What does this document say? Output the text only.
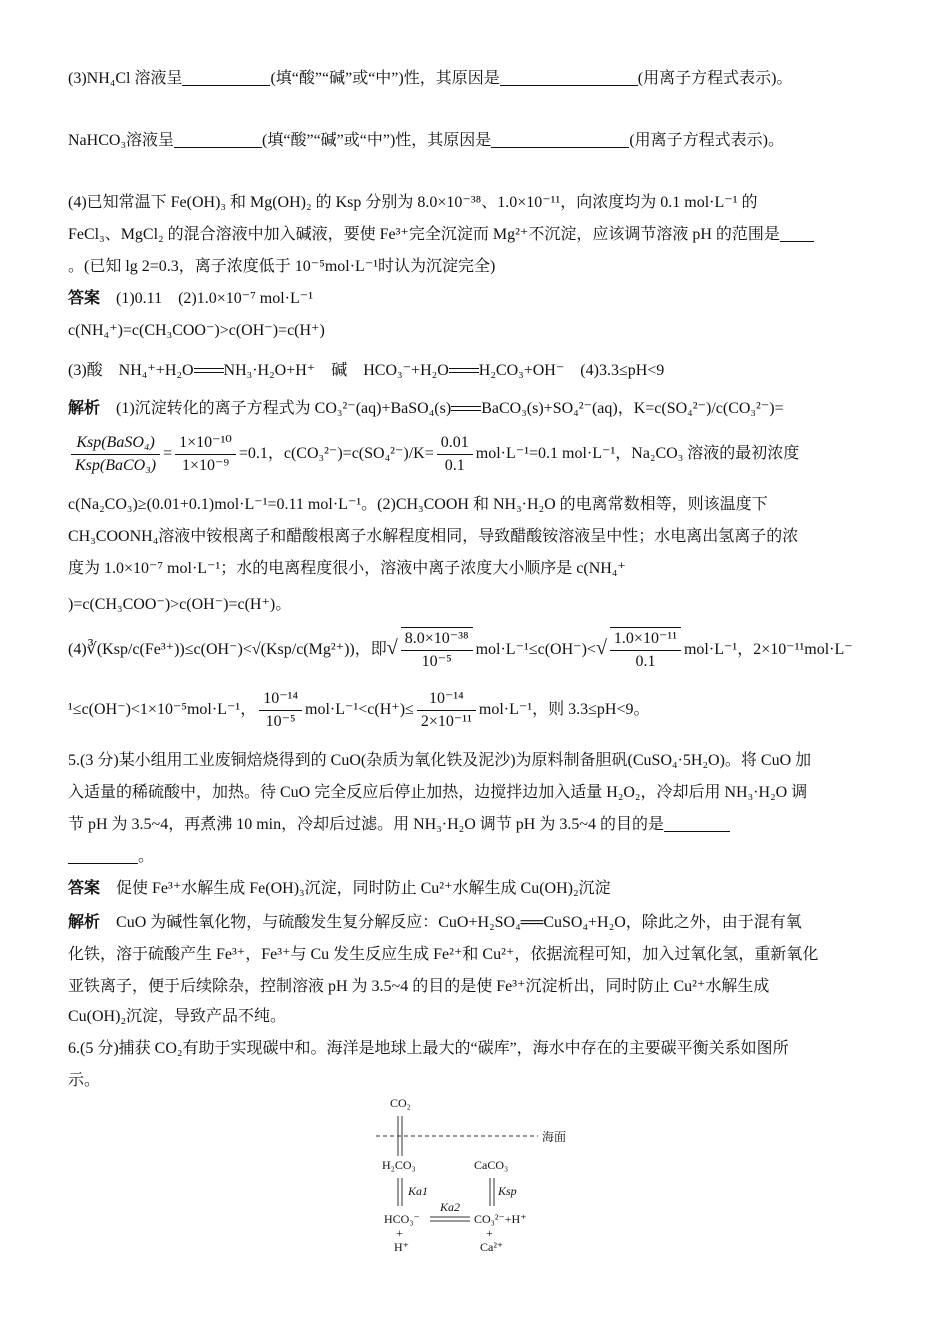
(3)NH₄Cl 溶液呈	(填“酸”“碱”或“中”)性，其原因是	(用离子方程式表示)。
NaHCO₃溶液呈	(填“酸”“碱”或“中”)性，其原因是	(用离子方程式表示)。
(4)已知常温下 Fe(OH)₃ 和 Mg(OH)₂ 的 Ksp 分别为 8.0×10⁻³⁸、1.0×10⁻¹¹，向浓度均为 0.1 mol·L⁻¹ 的
FeCl₃、MgCl₂ 的混合溶液中加入碱液，要使 Fe³⁺完全沉淀而 Mg²⁺不沉淀，应该调节溶液 pH 的范围是
。(已知 lg 2=0.3，离子浓度低于 10⁻⁵mol·L⁻¹时认为沉淀完全)
答案 (1)0.11　(2)1.0×10⁻⁷ mol·L⁻¹
c(NH₄⁺)=c(CH₃COO⁻)>c(OH⁻)=c(H⁺)
(3)酸　NH₄⁺+H₂O NH₃·H₂O+H⁺　碱　HCO₃⁻+H₂O H₂CO₃+OH⁻　(4)3.3≤pH<9
解析 (1)沉淀转化的离子方程式为 CO₃²⁻(aq)+BaSO₄(s) BaCO₃(s)+SO₄²⁻(aq)，K=c(SO₄²⁻)/c(CO₃²⁻)=
$\frac{\text{Ksp(BaSO₄)}}{\text{Ksp(BaCO₃)}} = \frac{\text{1×10⁻¹⁰}}{\text{1×10⁻⁹}} =0.1$，$c(CO_3^{2-})=c(SO_4^{2-})/K= \frac{0.01}{0.1} mol\cdot L^{-1}=0.1$ mol·L⁻¹，Na₂CO₃ 溶液的最初浓度
c(Na₂CO₃)≥(0.01+0.1)mol·L⁻¹=0.11 mol·L⁻¹。(2)CH₃COOH 和 NH₃·H₂O 的电离常数相等，则该温度下
CH₃COONH₄溶液中铵根离子和醋酸根离子水解程度相同，导致醋酸铵溶液呈中性；水电离出氢离子的浓
度为 1.0×10⁻⁷ mol·L⁻¹；水的电离程度很小，溶液中离子浓度大小顺序是 c(NH₄⁺
)=c(CH₃COO⁻)>c(OH⁻)=c(H⁺)。
(4)∛(Ksp/c(Fe³⁺))≤c(OH⁻)<√(Ksp/c(Mg²⁺))，即√ $\frac{\text{8.0×10⁻³⁸}}{\text{10⁻⁵}} mol\cdot L^{-1}\le c(OH^-)<√ \frac{\text{1.0×10⁻¹¹}}{0.1} mol\cdot L^{-1}$，2×10⁻¹¹mol·L⁻
¹≤c(OH⁻)<1×10⁻⁵mol·L⁻¹， $\frac{\text{10⁻¹⁴}}{\text{10⁻⁵}} mol\cdot L^{-1}<c(H^+)\le \frac{\text{10⁻¹⁴}}{\text{2×10⁻¹¹}} mol\cdot L^{-1}$，则 3.3≤pH<9。
5.(3 分)某小组用工业废铜焙烧得到的 CuO(杂质为氧化铁及泥沙)为原料制备胆矾(CuSO₄·5H₂O)。将 CuO 加
入适量的稀硫酸中，加热。待 CuO 完全反应后停止加热，边搅拌边加入适量 H₂O₂，冷却后用 NH₃·H₂O 调
节 pH 为 3.5~4，再煮沸 10 min，冷却后过滤。用 NH₃·H₂O 调节 pH 为 3.5~4 的目的是
。
答案 促使 Fe³⁺水解生成 Fe(OH)₃沉淀，同时防止 Cu²⁺水解生成 Cu(OH)₂沉淀
解析 CuO 为碱性氧化物，与硫酸发生复分解反应：CuO+H₂SO₄══CuSO₄+H₂O，除此之外，由于混有氧
化铁，溶于硫酸产生 Fe³⁺，Fe³⁺与 Cu 发生反应生成 Fe²⁺和 Cu²⁺，依据流程可知，加入过氧化氢，重新氧化
亚铁离子，便于后续除杂，控制溶液 pH 为 3.5~4 的目的是使 Fe³⁺沉淀析出，同时防止 Cu²⁺水解生成
Cu(OH)₂沉淀，导致产品不纯。
6.(5 分)捕获 CO₂有助于实现碳中和。海洋是地球上最大的“碳库”，海水中存在的主要碳平衡关系如图所
示。
CO₂
海面
H₂CO₃	CaCO₃
Ka1	Ksp
Ka2
HCO₃⁻
+
H⁺
CO₃²⁻+H⁺
+
Ca²⁺
